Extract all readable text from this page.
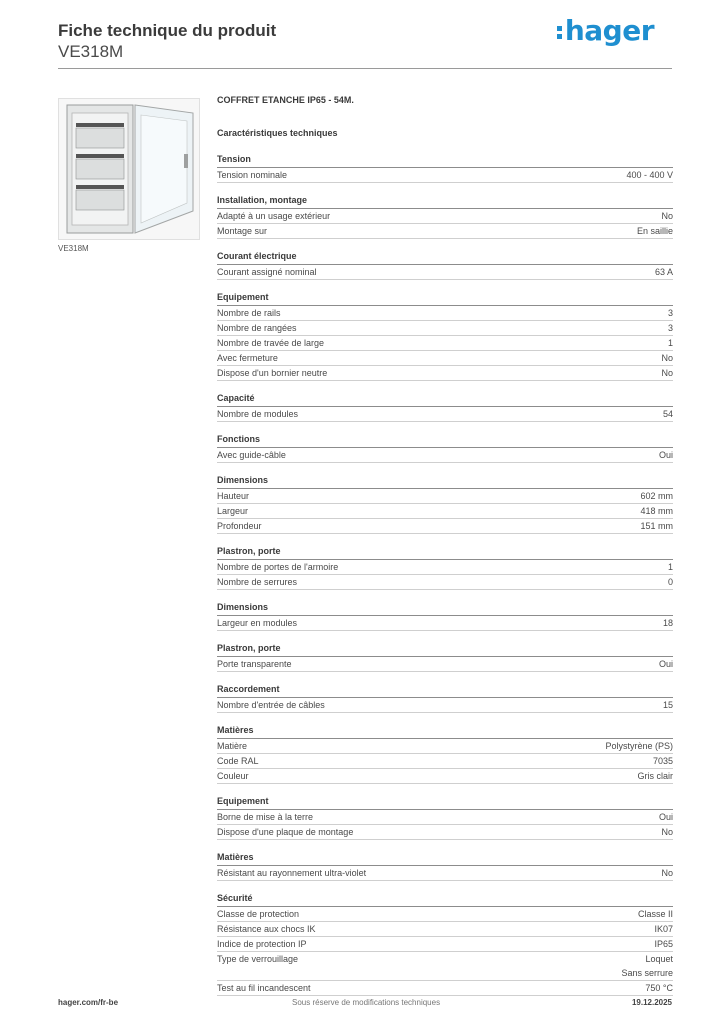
Fiche technique du produit
VE318M
hager
VE318M
COFFRET ETANCHE IP65 - 54M.
Caractéristiques techniques
Tension
Tension nominale	400 - 400 V
Installation, montage
Adapté à un usage extérieur	No
Montage sur	En saillie
Courant électrique
Courant assigné nominal	63 A
Equipement
Nombre de rails	3
Nombre de rangées	3
Nombre de travée de large	1
Avec fermeture	No
Dispose d'un bornier neutre	No
Capacité
Nombre de modules	54
Fonctions
Avec guide-câble	Oui
Dimensions
Hauteur	602 mm
Largeur	418 mm
Profondeur	151 mm
Plastron, porte
Nombre de portes de l'armoire	1
Nombre de serrures	0
Dimensions
Largeur en modules	18
Plastron, porte
Porte transparente	Oui
Raccordement
Nombre d'entrée de câbles	15
Matières
Matière	Polystyrène (PS)
Code RAL	7035
Couleur	Gris clair
Equipement
Borne de mise à la terre	Oui
Dispose d'une plaque de montage	No
Matières
Résistant au rayonnement ultra-violet	No
Sécurité
Classe de protection	Classe II
Résistance aux chocs IK	IK07
Indice de protection IP	IP65
Type de verrouillage	Loquet
Sans serrure
Test au fil incandescent	750 °C
hager.com/fr-be	Sous réserve de modifications techniques	19.12.2025
